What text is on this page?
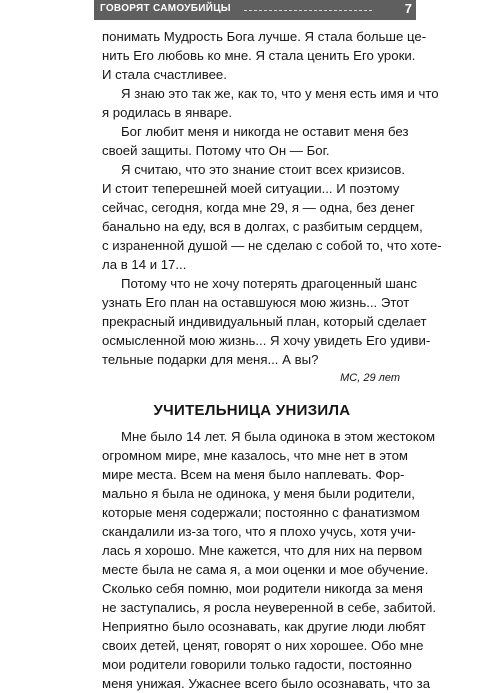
ГОВОРЯТ САМОУБИЙЦЫ	7
понимать Мудрость Бога лучше. Я стала больше це-
нить Его любовь ко мне. Я стала ценить Его уроки.
И стала счастливее.
Я знаю это так же, как то, что у меня есть имя и что
я родилась в январе.
Бог любит меня и никогда не оставит меня без
своей защиты. Потому что Он — Бог.
Я считаю, что это знание стоит всех кризисов.
И стоит теперешней моей ситуации... И поэтому
сейчас, сегодня, когда мне 29, я — одна, без денег
банально на еду, вся в долгах, с разбитым сердцем,
с израненной душой — не сделаю с собой то, что хоте-
ла в 14 и 17...
Потому что не хочу потерять драгоценный шанс
узнать Его план на оставшуюся мою жизнь... Этот
прекрасный индивидуальный план, который сделает
осмысленной мою жизнь... Я хочу увидеть Его удиви-
тельные подарки для меня... А вы?
МС, 29 лет
УЧИТЕЛЬНИЦА УНИЗИЛА
Мне было 14 лет. Я была одинока в этом жестоком
огромном мире, мне казалось, что мне нет в этом
мире места. Всем на меня было наплевать. Фор-
мально я была не одинока, у меня были родители,
которые меня содержали; постоянно с фанатизмом
скандалили из-за того, что я плохо учусь, хотя учи-
лась я хорошо. Мне кажется, что для них на первом
месте была не сама я, а мои оценки и мое обучение.
Сколько себя помню, мои родители никогда за меня
не заступались, я росла неуверенной в себе, забитой.
Неприятно было осознавать, как другие люди любят
своих детей, ценят, говорят о них хорошее. Обо мне
мои родители говорили только гадости, постоянно
меня унижая. Ужаснее всего было осознавать, что за
